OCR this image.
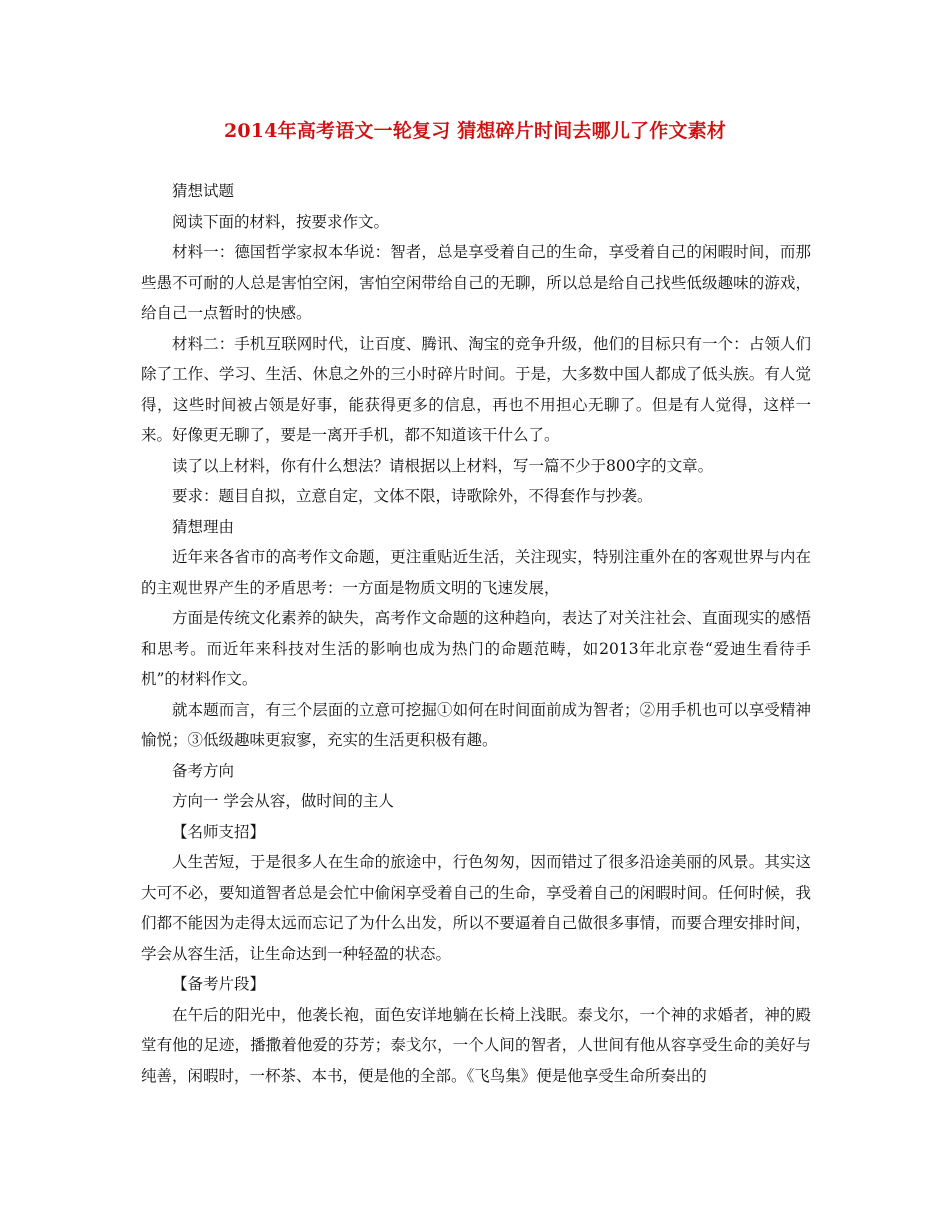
2014年高考语文一轮复习 猜想碎片时间去哪儿了作文素材

猜想试题

阅读下面的材料，按要求作文。

材料一：德国哲学家叔本华说：智者，总是享受着自己的生命，享受着自己的闲暇时间，而那些愚不可耐的人总是害怕空闲，害怕空闲带给自己的无聊，所以总是给自己找些低级趣味的游戏，给自己一点暂时的快感。

材料二：手机互联网时代，让百度、腾讯、淘宝的竞争升级，他们的目标只有一个：占领人们除了工作、学习、生活、休息之外的三小时碎片时间。于是，大多数中国人都成了低头族。有人觉得，这些时间被占领是好事，能获得更多的信息，再也不用担心无聊了。但是有人觉得，这样一来。好像更无聊了，要是一离开手机，都不知道该干什么了。

读了以上材料，你有什么想法？请根据以上材料，写一篇不少于800字的文章。

要求：题目自拟，立意自定，文体不限，诗歌除外，不得套作与抄袭。

猜想理由

近年来各省市的高考作文命题，更注重贴近生活，关注现实，特别注重外在的客观世界与内在的主观世界产生的矛盾思考：一方面是物质文明的飞速发展，

方面是传统文化素养的缺失，高考作文命题的这种趋向，表达了对关注社会、直面现实的感悟和思考。而近年来科技对生活的影响也成为热门的命题范畴，如2013年北京卷“爱迪生看待手机”的材料作文。

就本题而言，有三个层面的立意可挖掘①如何在时间面前成为智者；②用手机也可以享受精神愉悦；③低级趣味更寂寥，充实的生活更积极有趣。

备考方向

方向一 学会从容，做时间的主人

【名师支招】

人生苦短，于是很多人在生命的旅途中，行色匆匆，因而错过了很多沿途美丽的风景。其实这大可不必，要知道智者总是会忙中偷闲享受着自己的生命，享受着自己的闲暇时间。任何时候，我们都不能因为走得太远而忘记了为什么出发，所以不要逼着自己做很多事情，而要合理安排时间，学会从容生活，让生命达到一种轻盈的状态。

【备考片段】

在午后的阳光中，他袭长袍，面色安详地躺在长椅上浅眠。泰戈尔，一个神的求婚者，神的殿堂有他的足迹，播撒着他爱的芬芳；泰戈尔，一个人间的智者，人世间有他从容享受生命的美好与纯善，闲暇时，一杯茶、本书，便是他的全部。《飞鸟集》便是他享受生命所奏出的
